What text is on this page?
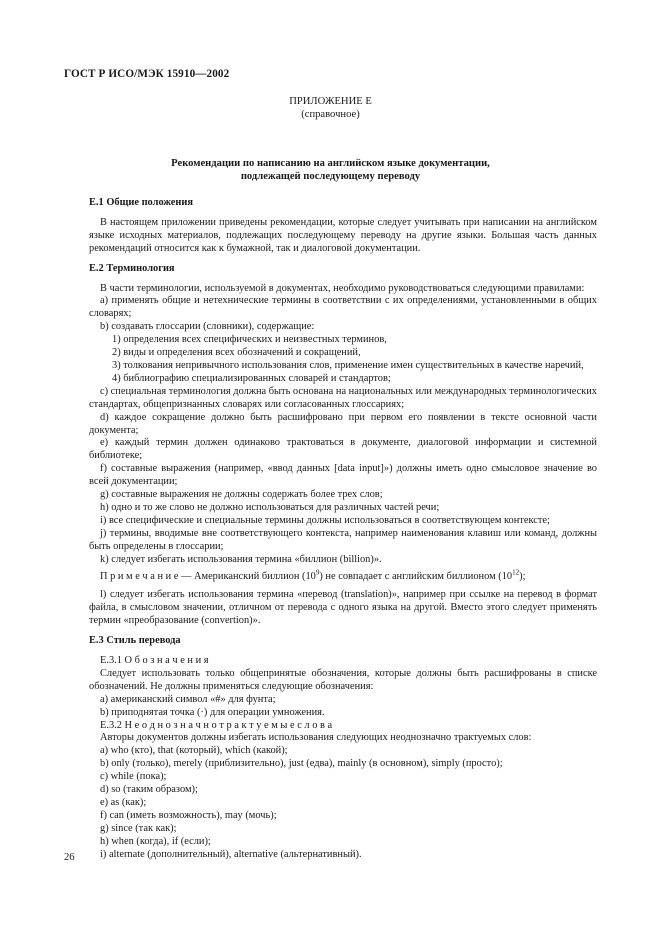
ГОСТ Р ИСО/МЭК 15910—2002
ПРИЛОЖЕНИЕ Е
(справочное)
Рекомендации по написанию на английском языке документации,
подлежащей последующему переводу
Е.1 Общие положения

В настоящем приложении приведены рекомендации, которые следует учитывать при написании на английском языке исходных материалов, подлежащих последующему переводу на другие языки. Большая часть данных рекомендаций относится как к бумажной, так и диалоговой документации.

Е.2 Терминология

В части терминологии, используемой в документах, необходимо руководствоваться следующими правилами:

а) применять общие и нетехнические термины в соответствии с их определениями, установленными в общих словарях;

b) создавать глоссарии (словники), содержащие:

1) определения всех специфических и неизвестных терминов,

2) виды и определения всех обозначений и сокращений,

3) толкования непривычного использования слов, применение имен существительных в качестве наречий,

4) библиографию специализированных словарей и стандартов;

с) специальная терминология должна быть основана на национальных или международных терминологических стандартах, общепризнанных словарях или согласованных глоссариях;

d) каждое сокращение должно быть расшифровано при первом его появлении в тексте основной части документа;

е) каждый термин должен одинаково трактоваться в документе, диалоговой информации и системной библиотеке;

f) составные выражения (например, «ввод данных [data input]») должны иметь одно смысловое значение во всей документации;

g) составные выражения не должны содержать более трех слов;

h) одно и то же слово не должно использоваться для различных частей речи;

i) все специфические и специальные термины должны использоваться в соответствующем контексте;

j) термины, вводимые вне соответствующего контекста, например наименования клавиш или команд, должны быть определены в глоссарии;

k) следует избегать использования термина «биллион (billion)».

П р и м е ч а н и е — Американский биллион $(10^9)$ не совпадает с английским биллионом $(10^{12})$;

l) следует избегать использования термина «перевод (translation)», например при ссылке на перевод в формат файла, в смысловом значении, отличном от перевода с одного языка на другой. Вместо этого следует применять термин «преобразование (convertion)».

Е.3 Стиль перевода

Е.3.1 О б о з н а ч е н и я

Следует использовать только общепринятые обозначения, которые должны быть расшифрованы в списке обозначений. Не должны применяться следующие обозначения:

а) американский символ «#» для фунта;

b) приподнятая точка (·) для операции умножения.

Е.3.2 Н е о д н о з н а ч н о т р а к т у е м ы е с л о в а

Авторы документов должны избегать использования следующих неоднозначно трактуемых слов:

а) who (кто), that (который), which (какой);

b) only (только), merely (приблизительно), just (едва), mainly (в основном), simply (просто);

с) while (пока);

d) so (таким образом);

е) as (как);

f) can (иметь возможность), may (мочь);

g) since (так как);

h) when (когда), if (если);

i) alternate (дополнительный), alternative (альтернативный).

26
